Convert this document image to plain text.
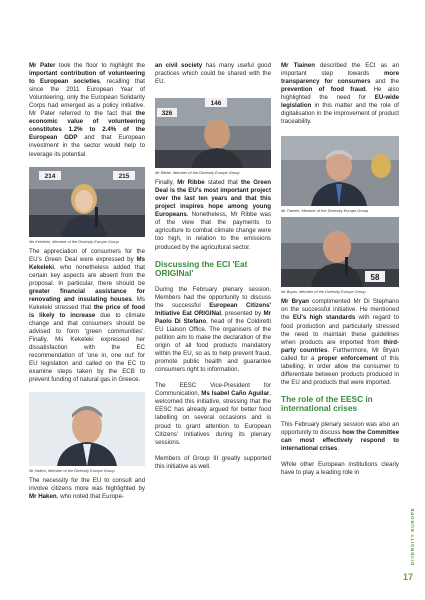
Mr Pater took the floor to highlight the important contribution of volunteering to European societies, recalling that since the 2011 European Year of Volunteering, only the European Solidarity Corps had emerged as a policy initiative. Mr Pater referred to the fact that the economic value of volunteering constitutes 1.2% to 2.4% of the European GDP and that European investment in the sector would help to leverage its potential.

214	215
Ms Kekeleki, Member of the Diversity Europe Group

The appreciation of consumers for the EU's Green Deal were expressed by Ms Kekeleki, who nonetheless added that certain key aspects are absent from the proposal. In particular, there should be greater financial assistance for renovating and insulating houses. Ms Kekeleki stressed that the price of food is likely to increase due to climate change and that consumers should be advised to form 'green communities'. Finally, Ms Kekeleki expressed her dissatisfaction with the EC recommendation of 'one in, one out' for EU legislation and called on the EC to examine steps taken by the ECB to prevent funding of natural gas in Greece.

Mr Haken, Member of the Diversity Europe Group

The necessity for the EU to consult and involve citizens more was highlighted by Mr Haken, who noted that Europe-

an civil society has many useful good practices which could be shared with the EU.

326
146
Mr Ribbe, Member of the Diversity Europe Group

Finally, Mr Ribbe stated that the Green Deal is the EU's most important project over the last ten years and that this project inspires hope among young Europeans. Nonetheless, Mr Ribbe was of the view that the payments to agriculture to combat climate change were too high, in relation to the emissions produced by the agricultural sector.

Discussing the ECI 'Eat ORIGINal'

During the February plenary session, Members had the opportunity to discuss the successful European Citizens' Initiative Eat ORIGINal, presented by Mr Paolo Di Stefano, head of the Coldiretti EU Liaison Office. The organisers of the petition aim to make the declaration of the origin of all food products mandatory within the EU, so as to help prevent fraud, promote public health and guarantee consumers right to information.

The EESC Vice-President for Communication, Ms Isabel Caño Aguilar, welcomed this initiative, stressing that the EESC has already argued for better food labelling on several occasions and is proud to grant attention to European Citizens' Initiatives during its plenary sessions.

Members of Group III greatly supported this initiative as well.

Mr Tiainen described the ECI as an important step towards more transparency for consumers and the prevention of food fraud. He also highlighted the need for EU-wide legislation in this matter and the role of digitalisation in the improvement of product traceability.

Mr Tiainen, Member of the Diversity Europe Group
58
Mr Bryan, Member of the Diversity Europe Group

Mr Bryan complimented Mr Di Stephano on the successful initiative. He mentioned the EU's high standards with regard to food production and particularly stressed the need to maintain these guidelines when products are imported from third-party countries. Furthermore, Mr Bryan called for a proper enforcement of this labelling, in order allow the consumer to differentiate between products produced in the EU and products that were imported.

The role of the EESC in international crises

This February plenary session was also an opportunity to discuss how the Committee can most effectively respond to international crises.

While other European institutions clearly have to play a leading role in

DIVERSITY EUROPE
17
